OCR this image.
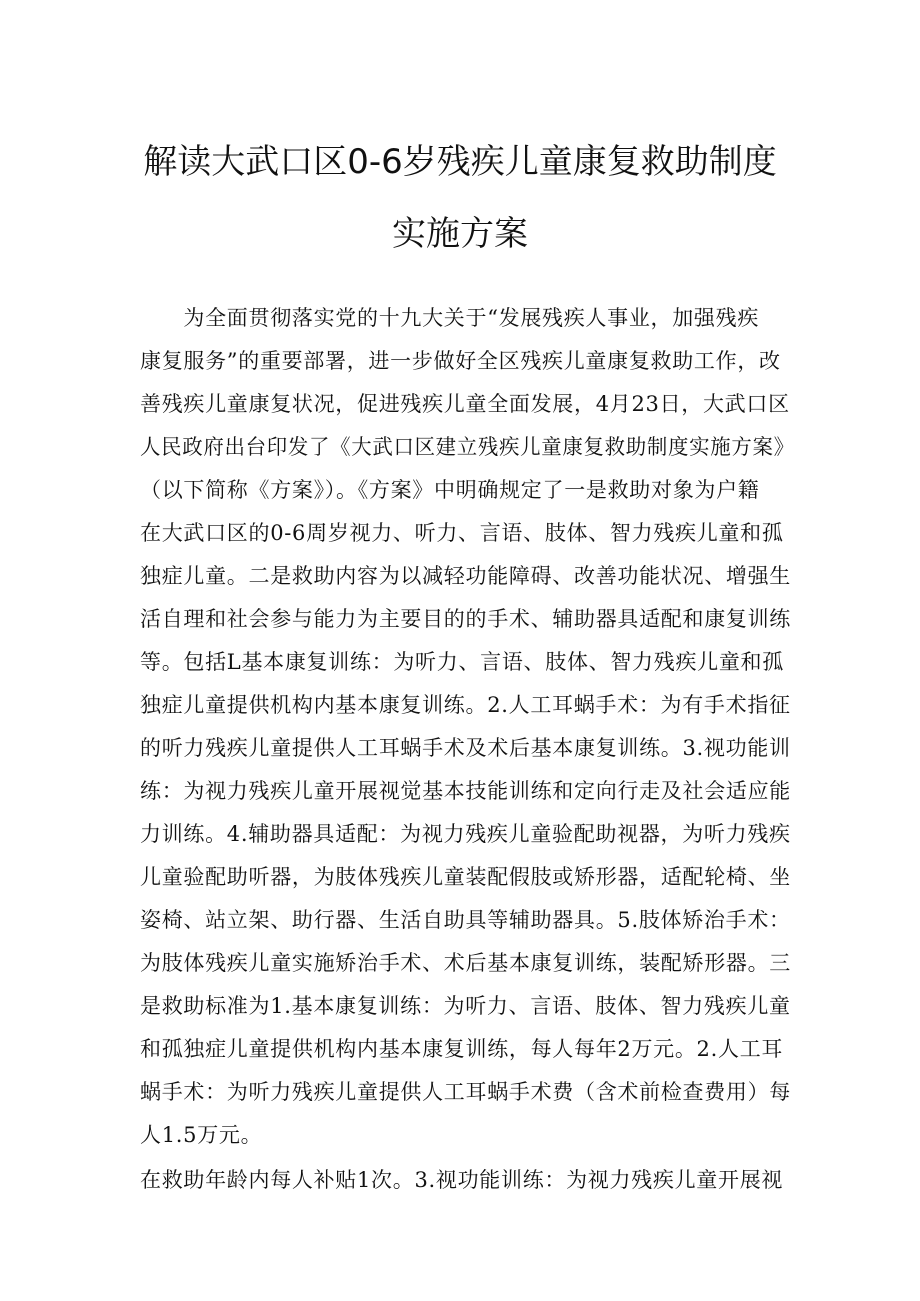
解读大武口区0-6岁残疾儿童康复救助制度
实施方案
　　为全面贯彻落实党的十九大关于“发展残疾人事业，加强残疾
康复服务”的重要部署，进一步做好全区残疾儿童康复救助工作，改
善残疾儿童康复状况，促进残疾儿童全面发展，4月23日，大武口区
人民政府出台印发了《大武口区建立残疾儿童康复救助制度实施方案》
（以下简称《方案》）。《方案》中明确规定了一是救助对象为户籍
在大武口区的0-6周岁视力、听力、言语、肢体、智力残疾儿童和孤
独症儿童。二是救助内容为以减轻功能障碍、改善功能状况、增强生
活自理和社会参与能力为主要目的的手术、辅助器具适配和康复训练
等。包括L基本康复训练：为听力、言语、肢体、智力残疾儿童和孤
独症儿童提供机构内基本康复训练。2.人工耳蜗手术：为有手术指征
的听力残疾儿童提供人工耳蜗手术及术后基本康复训练。3.视功能训
练：为视力残疾儿童开展视觉基本技能训练和定向行走及社会适应能
力训练。4.辅助器具适配：为视力残疾儿童验配助视器，为听力残疾
儿童验配助听器，为肢体残疾儿童装配假肢或矫形器，适配轮椅、坐
姿椅、站立架、助行器、生活自助具等辅助器具。5.肢体矫治手术：
为肢体残疾儿童实施矫治手术、术后基本康复训练，装配矫形器。三
是救助标准为1.基本康复训练：为听力、言语、肢体、智力残疾儿童
和孤独症儿童提供机构内基本康复训练，每人每年2万元。2.人工耳
蜗手术：为听力残疾儿童提供人工耳蜗手术费（含术前检查费用）每
人1.5万元。
在救助年龄内每人补贴1次。3.视功能训练：为视力残疾儿童开展视
